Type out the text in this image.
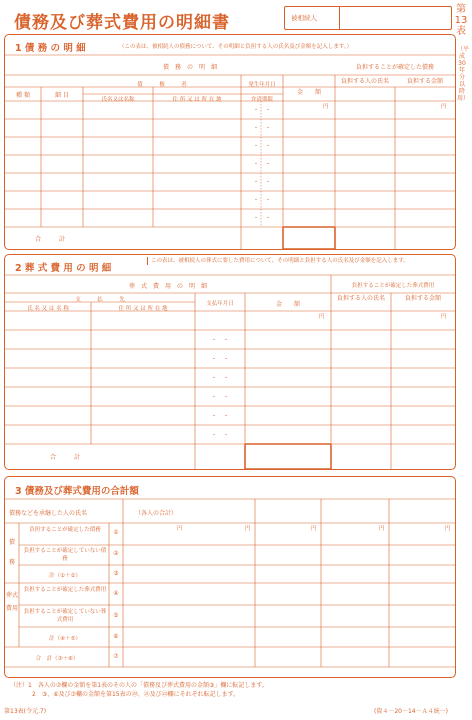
債務及び葬式費用の明細書
第13表
（平成30年分以降用）
被相続人
1 債 務 の 明 細	（この表は、被相続人の債務について、その明細と負担する人の氏名及び金額を記入します。）
債　務　の　明　細	負担することが確定した債務
種 類	細 目
債　　　権　　　者
氏名又は名称	住 所 又 は 所 在 地
発生年月日
弁済期限
金　　額
負担する人の氏名	負担する金額
円	円
・　・
・　・
・　・
・　・
・　・
・　・
・　・
合　　　計
2 葬 式 費 用 の 明 細
この表は、被相続人の葬式に要した費用について、その明細と負担する人の氏名及び金額を記入します。
葬　式　費　用　の　明　細	負担することが確定した葬式費用
支　　　払　　　先
氏 名 又 は 名 称	住 所 又 は 所 在 地
支払年月日	金　　額
負担する人の氏名	負担する金額
円	円
・　・
・　・
・　・
・　・
・　・
・　・
合　　　計
3 債務及び葬式費用の合計額
債務などを承継した人の氏名	（各人の合計）
債　務
葬式費用
負担することが確定した債務	①
負担することが確定していない債務
②
計（①＋②）	③
負担することが確定した葬式費用	④
負担することが確定していない葬式費用
⑤
計（④＋⑤）	⑥
合　計（③＋⑥）	⑦
円	円	円	円	円
（注）1　各人の⑦欄の金額を第1表のその人の「債務及び葬式費用の金額③」欄に転記します。
2　③、⑥及び⑦欄の金額を第15表の⑳、㉑及び㉒欄にそれぞれ転記します。
第13表(令元.7)	(資４－20－14－Ａ４統一)
